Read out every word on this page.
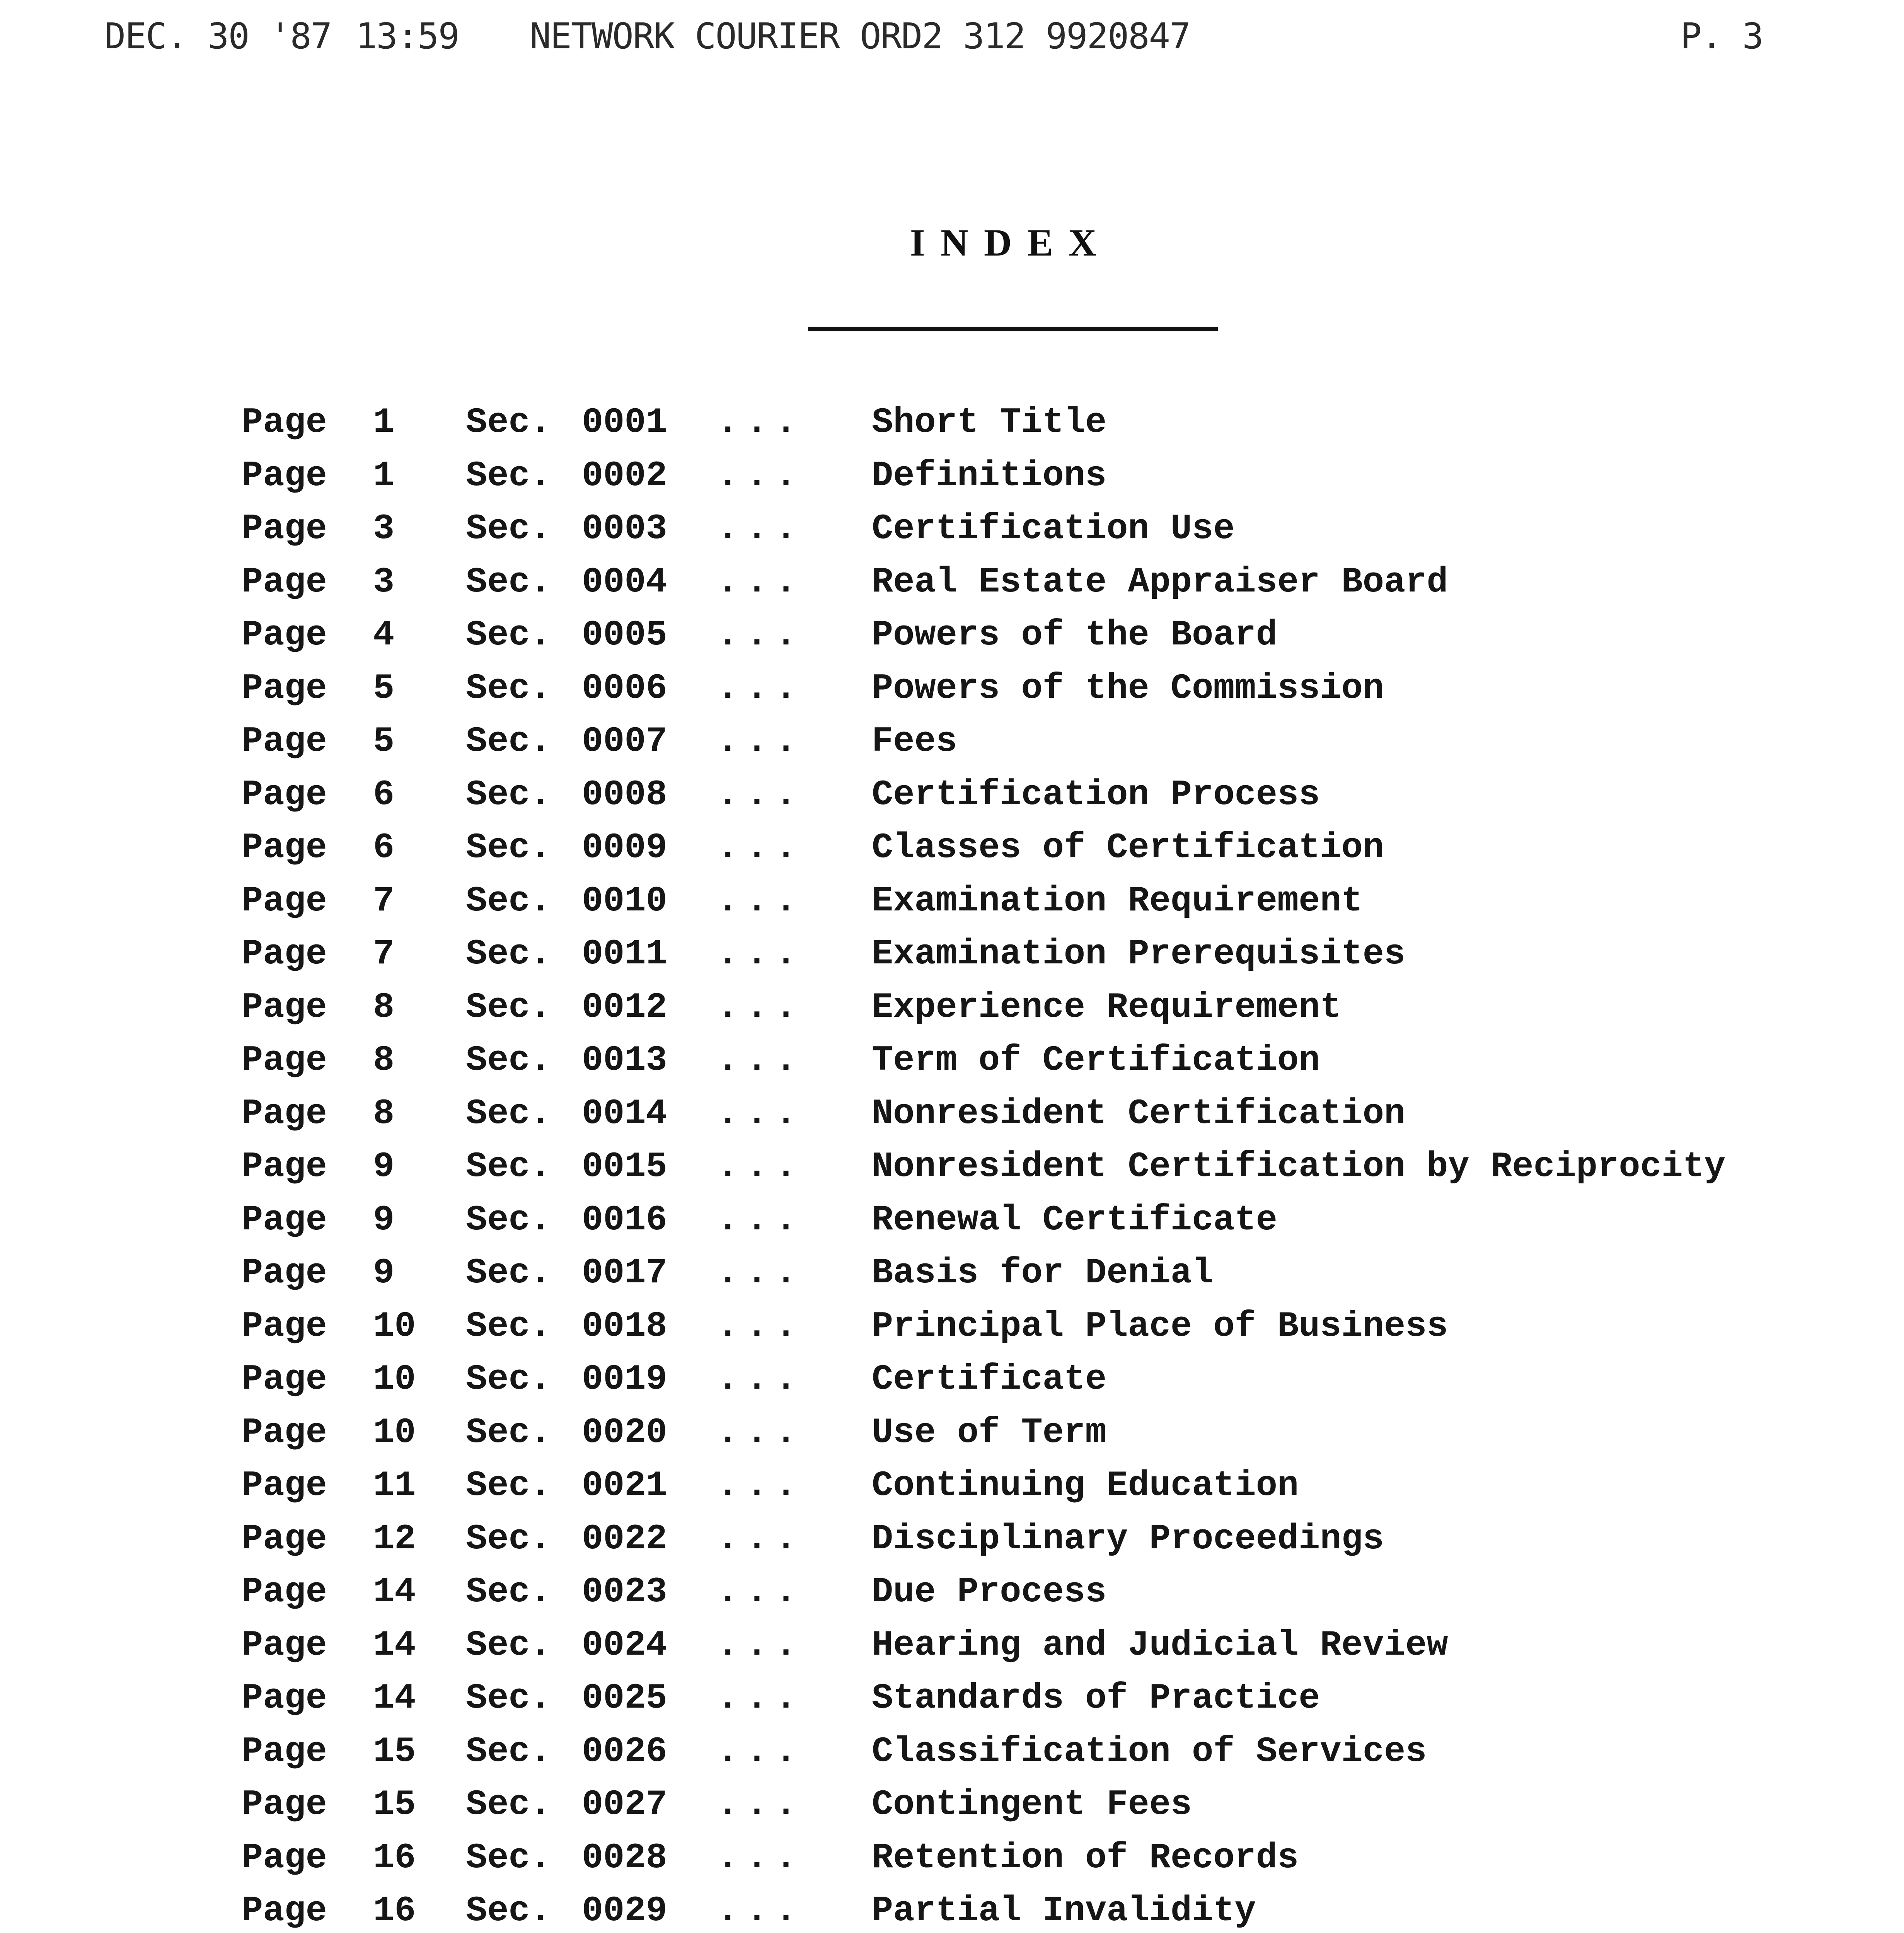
DEC. 30 '87 13:59 NETWORK COURIER ORD2 312 9920847	P. 3
INDEX
Page 1 Sec. 0001 ... Short Title
Page 1 Sec. 0002 ... Definitions
Page 3 Sec. 0003 ... Certification Use
Page 3 Sec. 0004 ... Real Estate Appraiser Board
Page 4 Sec. 0005 ... Powers of the Board
Page 5 Sec. 0006 ... Powers of the Commission
Page 5 Sec. 0007 ... Fees
Page 6 Sec. 0008 ... Certification Process
Page 6 Sec. 0009 ... Classes of Certification
Page 7 Sec. 0010 ... Examination Requirement
Page 7 Sec. 0011 ... Examination Prerequisites
Page 8 Sec. 0012 ... Experience Requirement
Page 8 Sec. 0013 ... Term of Certification
Page 8 Sec. 0014 ... Nonresident Certification
Page 9 Sec. 0015 ... Nonresident Certification by Reciprocity
Page 9 Sec. 0016 ... Renewal Certificate
Page 9 Sec. 0017 ... Basis for Denial
Page 10 Sec. 0018 ... Principal Place of Business
Page 10 Sec. 0019 ... Certificate
Page 10 Sec. 0020 ... Use of Term
Page 11 Sec. 0021 ... Continuing Education
Page 12 Sec. 0022 ... Disciplinary Proceedings
Page 14 Sec. 0023 ... Due Process
Page 14 Sec. 0024 ... Hearing and Judicial Review
Page 14 Sec. 0025 ... Standards of Practice
Page 15 Sec. 0026 ... Classification of Services
Page 15 Sec. 0027 ... Contingent Fees
Page 16 Sec. 0028 ... Retention of Records
Page 16 Sec. 0029 ... Partial Invalidity
